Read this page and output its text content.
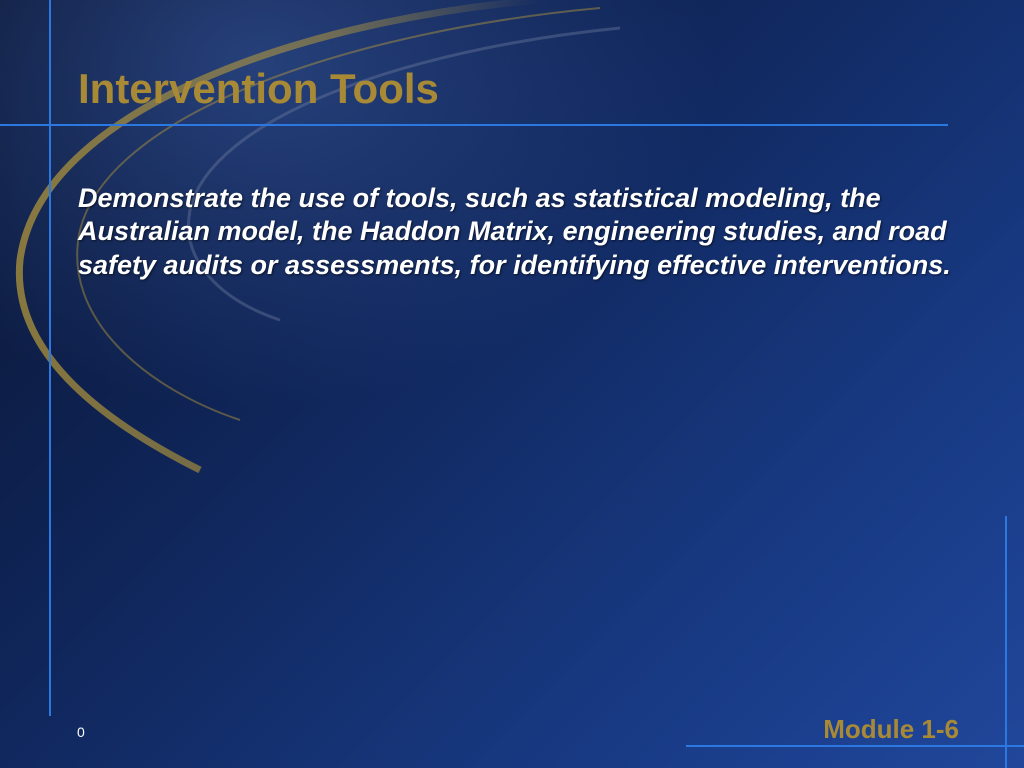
Intervention Tools

Demonstrate the use of tools, such as statistical modeling, the Australian model, the Haddon Matrix, engineering studies, and road safety audits or assessments, for identifying effective interventions.

0	Module 1-6
